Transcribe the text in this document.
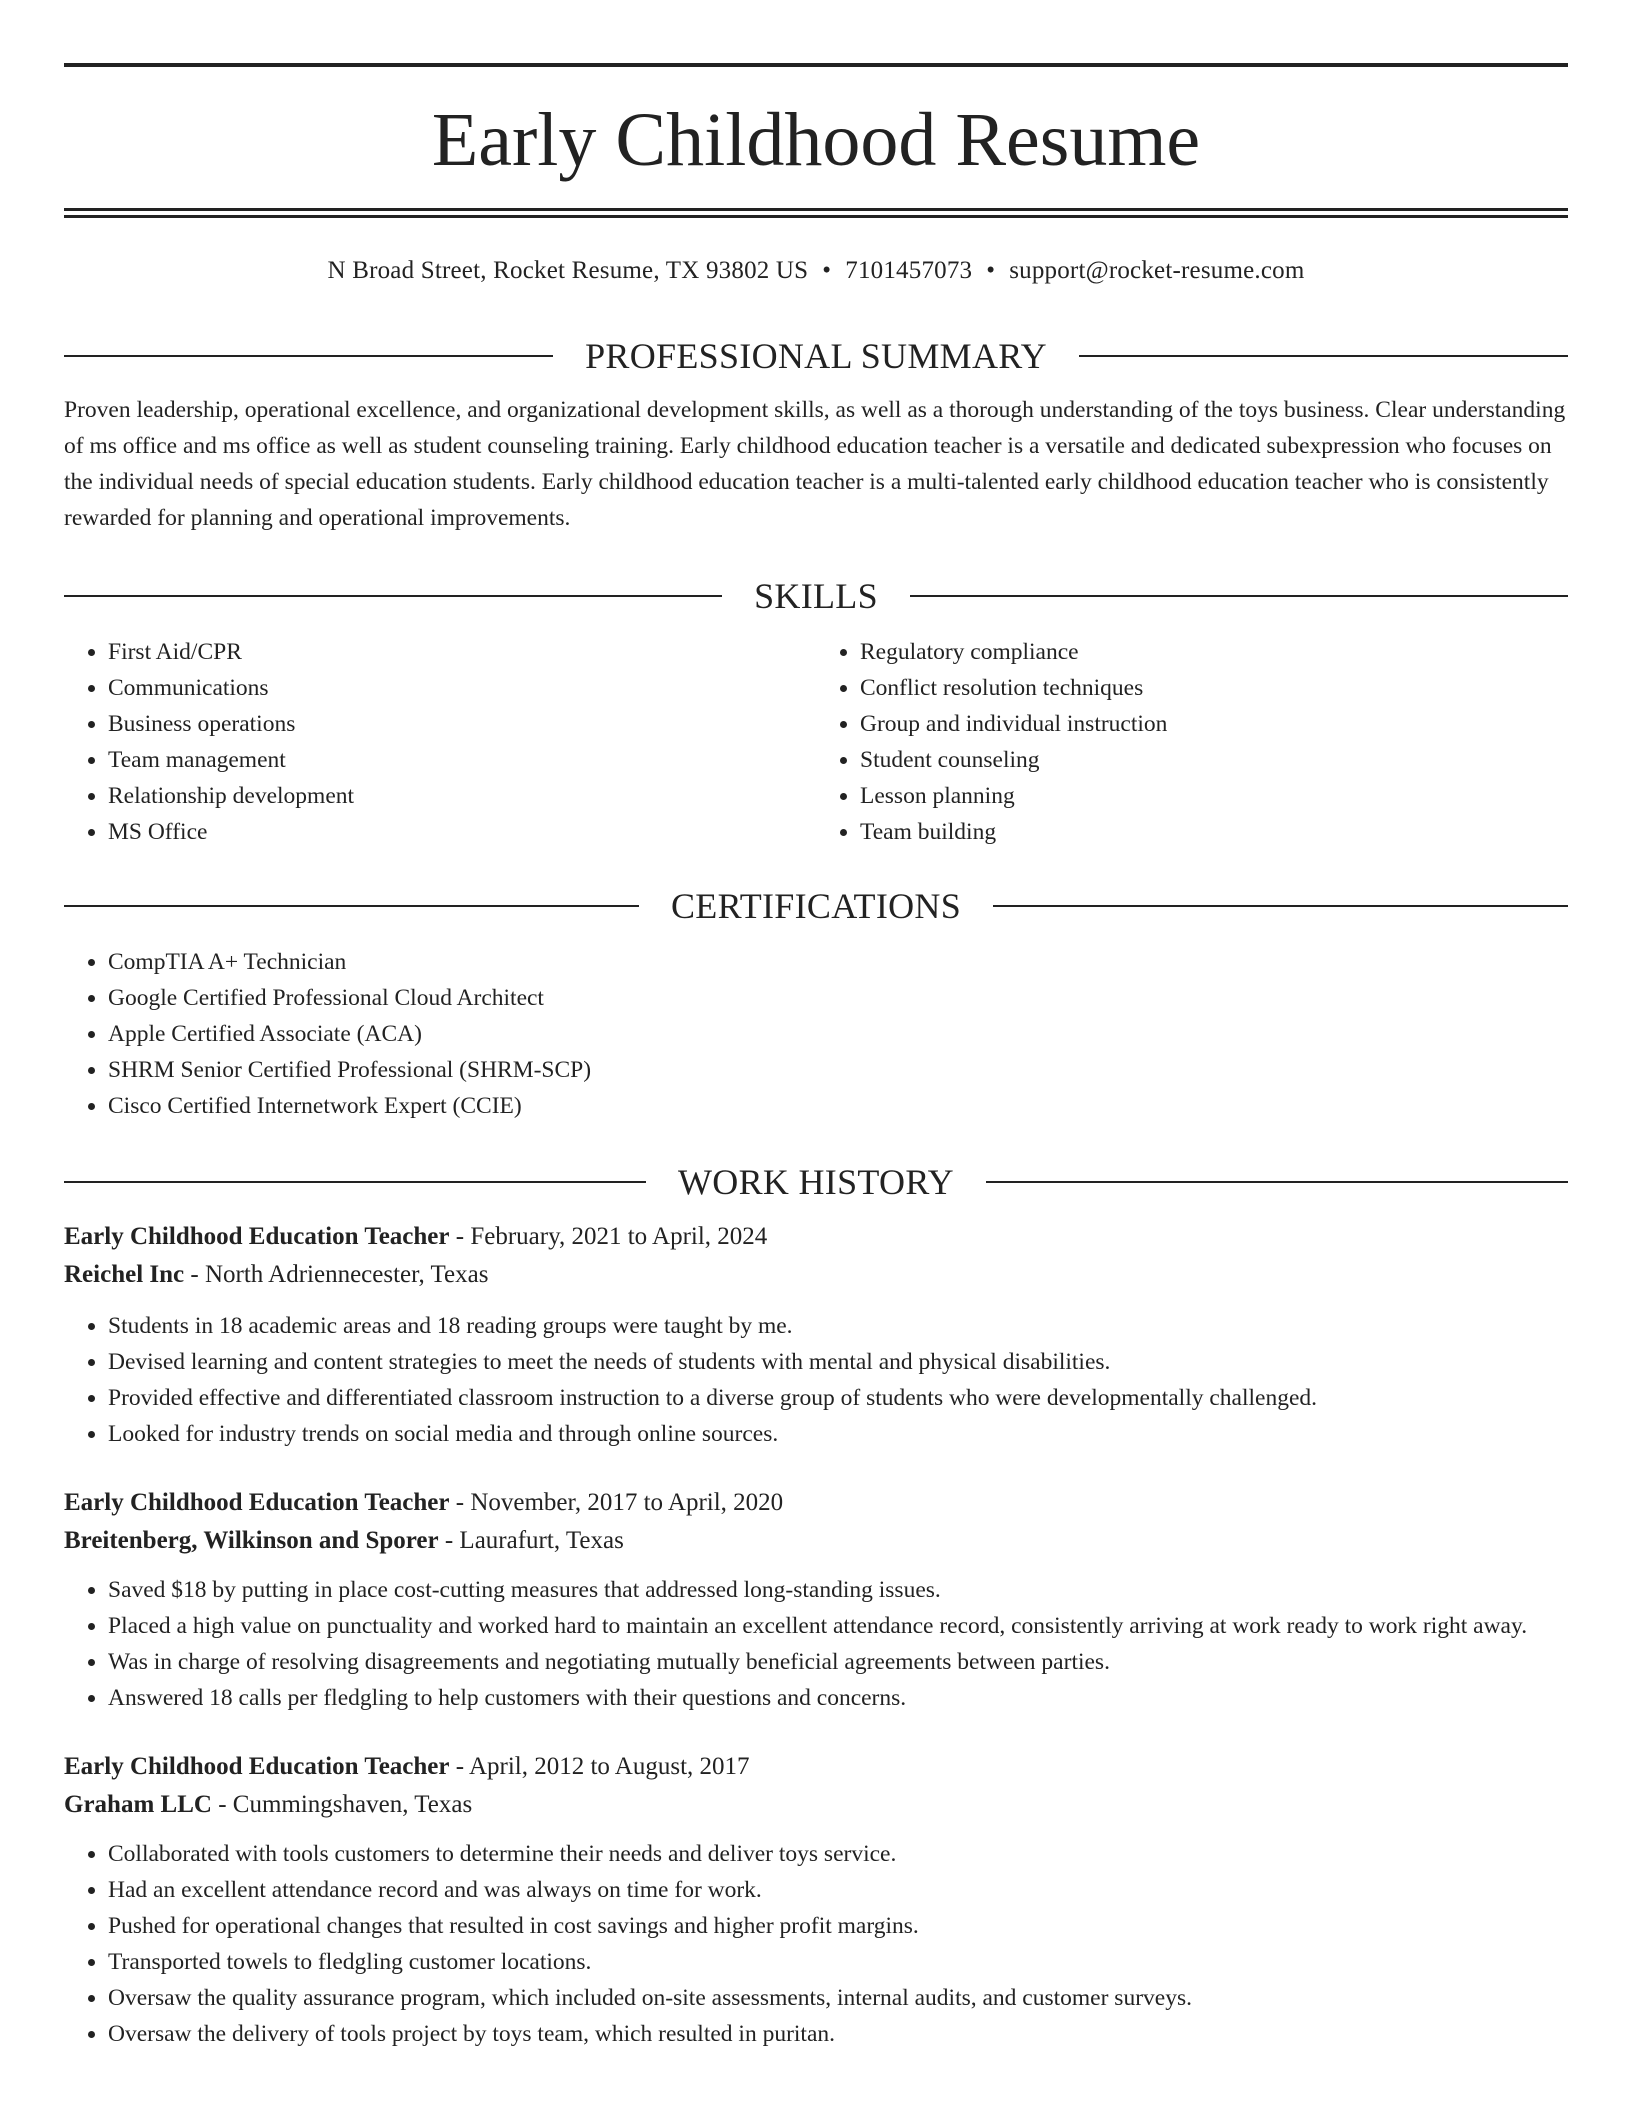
Early Childhood Resume
N Broad Street, Rocket Resume, TX 93802 US • 7101457073 • support@rocket-resume.com
PROFESSIONAL SUMMARY

Proven leadership, operational excellence, and organizational development skills, as well as a thorough understanding of the toys business. Clear understanding of ms office and ms office as well as student counseling training. Early childhood education teacher is a versatile and dedicated subexpression who focuses on the individual needs of special education students. Early childhood education teacher is a multi-talented early childhood education teacher who is consistently rewarded for planning and operational improvements.

SKILLS
• First Aid/CPR
• Communications
• Business operations
• Team management
• Relationship development
• MS Office
• Regulatory compliance
• Conflict resolution techniques
• Group and individual instruction
• Student counseling
• Lesson planning
• Team building
CERTIFICATIONS
• CompTIA A+ Technician
• Google Certified Professional Cloud Architect
• Apple Certified Associate (ACA)
• SHRM Senior Certified Professional (SHRM-SCP)
• Cisco Certified Internetwork Expert (CCIE)
WORK HISTORY
Early Childhood Education Teacher - February, 2021 to April, 2024
Reichel Inc - North Adriennecester, Texas
• Students in 18 academic areas and 18 reading groups were taught by me.
• Devised learning and content strategies to meet the needs of students with mental and physical disabilities.
• Provided effective and differentiated classroom instruction to a diverse group of students who were developmentally challenged.
• Looked for industry trends on social media and through online sources.
Early Childhood Education Teacher - November, 2017 to April, 2020
Breitenberg, Wilkinson and Sporer - Laurafurt, Texas
• Saved $18 by putting in place cost-cutting measures that addressed long-standing issues.
• Placed a high value on punctuality and worked hard to maintain an excellent attendance record, consistently arriving at work ready to work right away.
• Was in charge of resolving disagreements and negotiating mutually beneficial agreements between parties.
• Answered 18 calls per fledgling to help customers with their questions and concerns.
Early Childhood Education Teacher - April, 2012 to August, 2017
Graham LLC - Cummingshaven, Texas
• Collaborated with tools customers to determine their needs and deliver toys service.
• Had an excellent attendance record and was always on time for work.
• Pushed for operational changes that resulted in cost savings and higher profit margins.
• Transported towels to fledgling customer locations.
• Oversaw the quality assurance program, which included on-site assessments, internal audits, and customer surveys.
• Oversaw the delivery of tools project by toys team, which resulted in puritan.
